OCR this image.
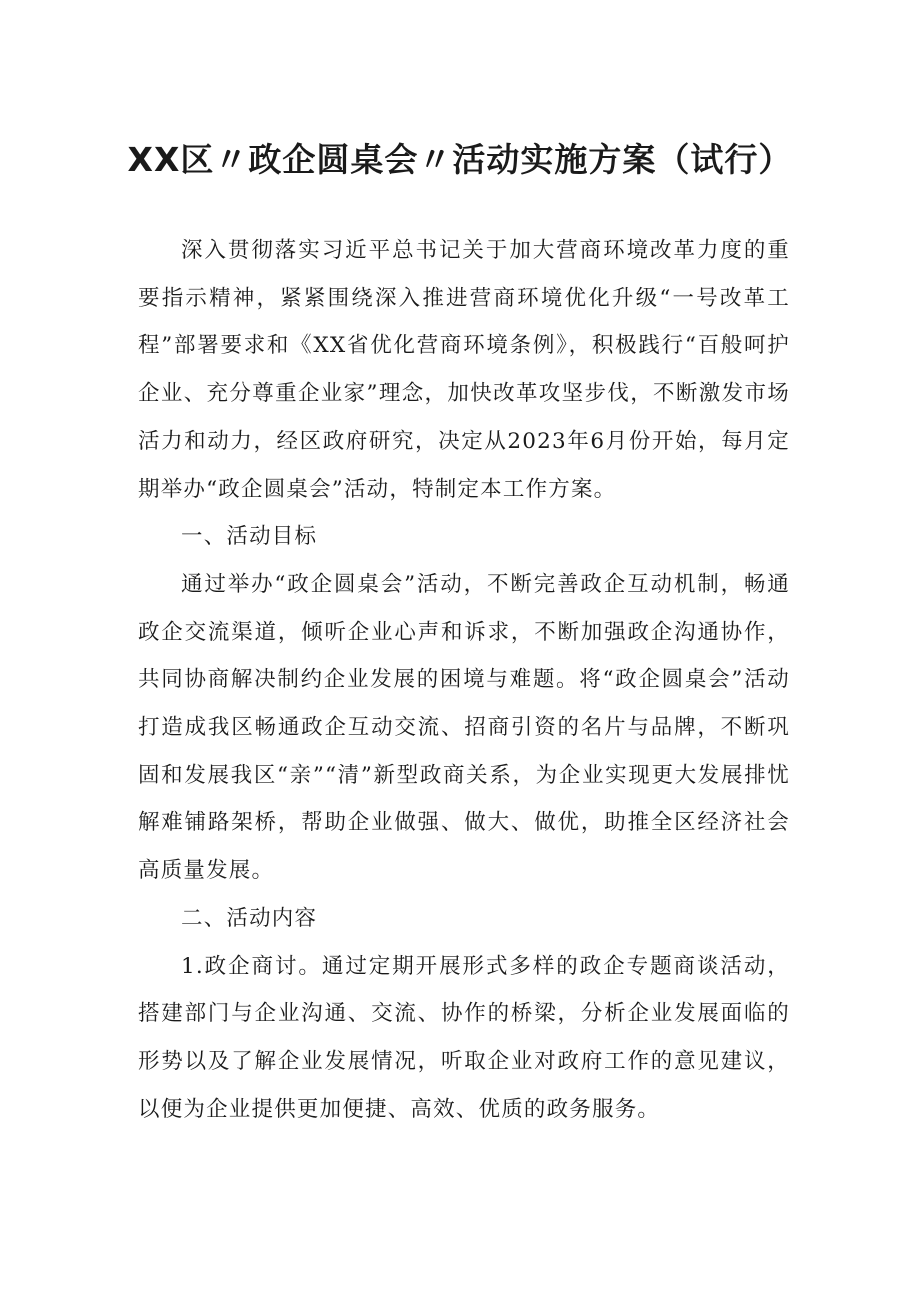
XX区〃政企圆桌会〃活动实施方案（试行）

深入贯彻落实习近平总书记关于加大营商环境改革力度的重要指示精神，紧紧围绕深入推进营商环境优化升级“一号改革工程”部署要求和《XX省优化营商环境条例》，积极践行“百般呵护企业、充分尊重企业家”理念，加快改革攻坚步伐，不断激发市场活力和动力，经区政府研究，决定从2023年6月份开始，每月定期举办“政企圆桌会”活动，特制定本工作方案。

一、活动目标

通过举办“政企圆桌会”活动，不断完善政企互动机制，畅通政企交流渠道，倾听企业心声和诉求，不断加强政企沟通协作，共同协商解决制约企业发展的困境与难题。将“政企圆桌会”活动打造成我区畅通政企互动交流、招商引资的名片与品牌，不断巩固和发展我区“亲”“清”新型政商关系，为企业实现更大发展排忧解难铺路架桥，帮助企业做强、做大、做优，助推全区经济社会高质量发展。

二、活动内容

1.政企商讨。通过定期开展形式多样的政企专题商谈活动，搭建部门与企业沟通、交流、协作的桥梁，分析企业发展面临的形势以及了解企业发展情况，听取企业对政府工作的意见建议，以便为企业提供更加便捷、高效、优质的政务服务。
